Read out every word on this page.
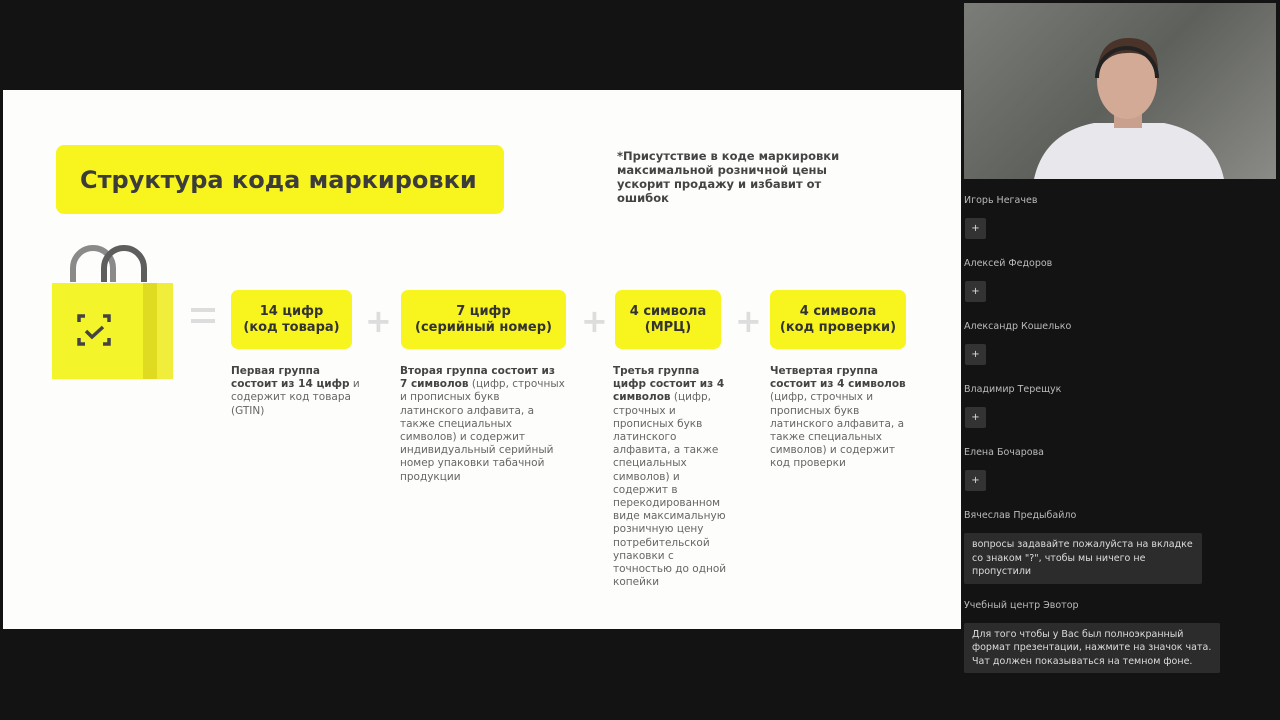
Структура кода маркировки
*Присутствие в коде маркировки максимальной розничной цены ускорит продажу и избавит от ошибок
14 цифр
(код товара) +	7 цифр
(серийный номер) + 4 символа
(МРЦ) +	4 символа
(код проверки)
Первая группа состоит из 14 цифр и содержит код товара (GTIN)
Вторая группа состоит из 7 символов (цифр, строчных и прописных букв латинского алфавита, а также специальных символов) и содержит индивидуальный серийный номер упаковки табачной продукции
Третья группа цифр состоит из 4 символов (цифр, строчных и прописных букв латинского алфавита, а также специальных символов) и содержит в перекодированном виде максимальную розничную цену потребительской упаковки с точностью до одной копейки
Четвертая группа состоит из 4 символов (цифр, строчных и прописных букв латинского алфавита, а также специальных символов) и содержит код проверки
Игорь Негачев
+
Алексей Федоров
+
Александр Кошелько
+
Владимир Терещук
+
Елена Бочарова
+
Вячеслав Предыбайло
вопросы задавайте пожалуйста на вкладке со знаком "?", чтобы мы ничего не пропустили
Учебный центр Эвотор
Для того чтобы у Вас был полноэкранный формат презентации, нажмите на значок чата. Чат должен показываться на темном фоне.
